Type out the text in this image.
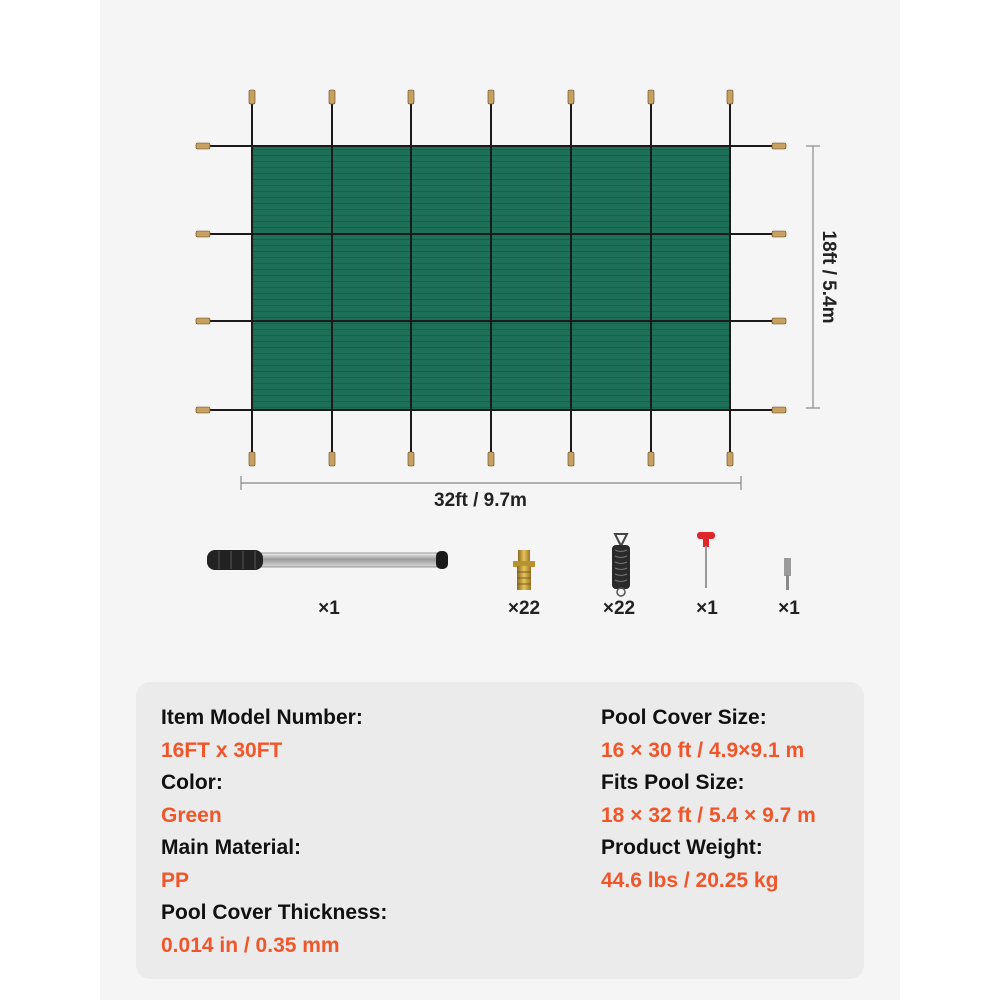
32ft / 9.7m
18ft / 5.4m
×1	×22	×22	×1	×1
Item Model Number:
16FT x 30FT
Color:
Green
Main Material:
PP
Pool Cover Thickness:
0.014 in / 0.35 mm
Pool Cover Size:
16 × 30 ft / 4.9×9.1 m
Fits Pool Size:
18 × 32 ft / 5.4 × 9.7 m
Product Weight:
44.6 lbs / 20.25 kg
